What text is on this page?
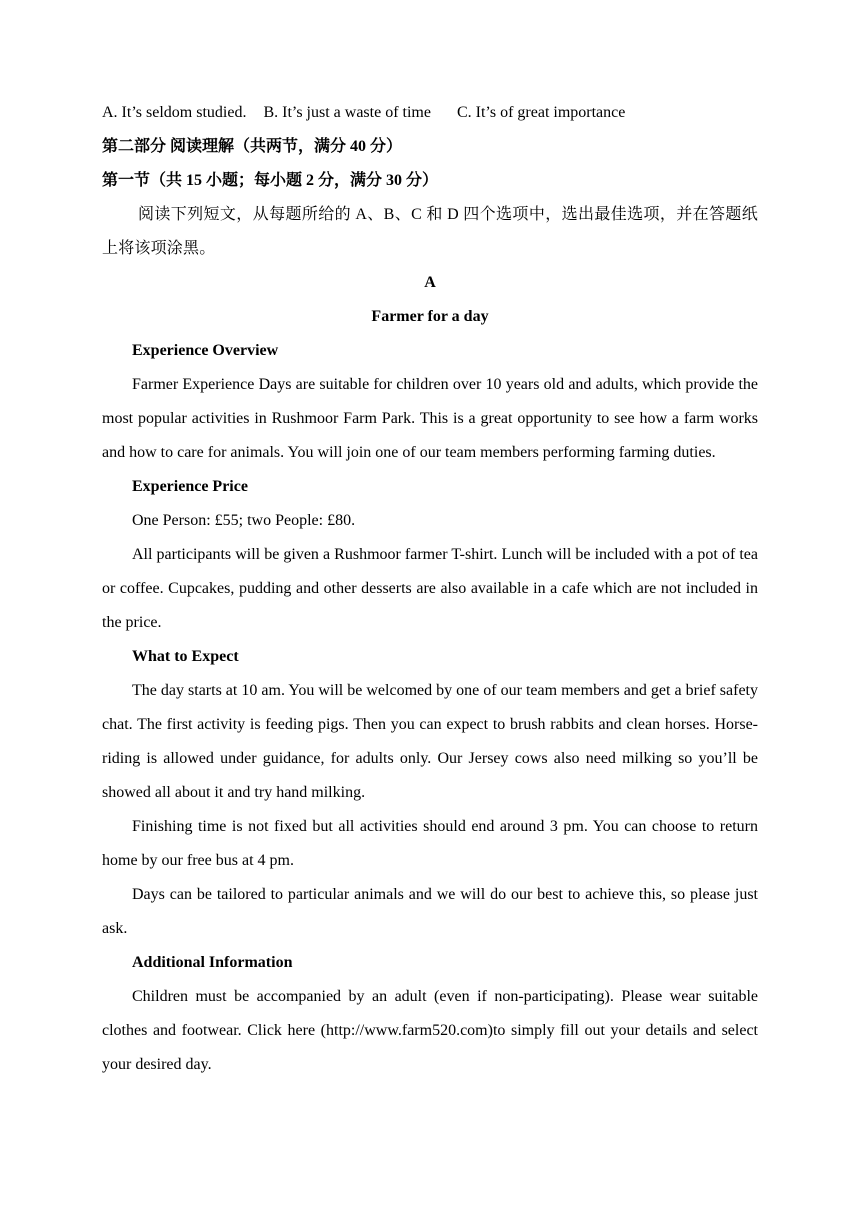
A. It’s seldom studied. B. It’s just a waste of time C. It’s of great importance
第二部分 阅读理解（共两节，满分 40 分）
第一节（共 15 小题；每小题 2 分，满分 30 分）

阅读下列短文，从每题所给的 A、B、C 和 D 四个选项中，选出最佳选项，并在答题纸上将该项涂黑。

A
Farmer for a day

Experience Overview

Farmer Experience Days are suitable for children over 10 years old and adults, which provide the most popular activities in Rushmoor Farm Park. This is a great opportunity to see how a farm works and how to care for animals. You will join one of our team members performing farming duties.

Experience Price

One Person: £55; two People: £80.

All participants will be given a Rushmoor farmer T-shirt. Lunch will be included with a pot of tea or coffee. Cupcakes, pudding and other desserts are also available in a cafe which are not included in the price.

What to Expect

The day starts at 10 am. You will be welcomed by one of our team members and get a brief safety chat. The first activity is feeding pigs. Then you can expect to brush rabbits and clean horses. Horse-riding is allowed under guidance, for adults only. Our Jersey cows also need milking so you’ll be showed all about it and try hand milking.

Finishing time is not fixed but all activities should end around 3 pm. You can choose to return home by our free bus at 4 pm.

Days can be tailored to particular animals and we will do our best to achieve this, so please just ask.

Additional Information

Children must be accompanied by an adult (even if non-participating). Please wear suitable clothes and footwear. Click here (http://www.farm520.com)to simply fill out your details and select your desired day.
